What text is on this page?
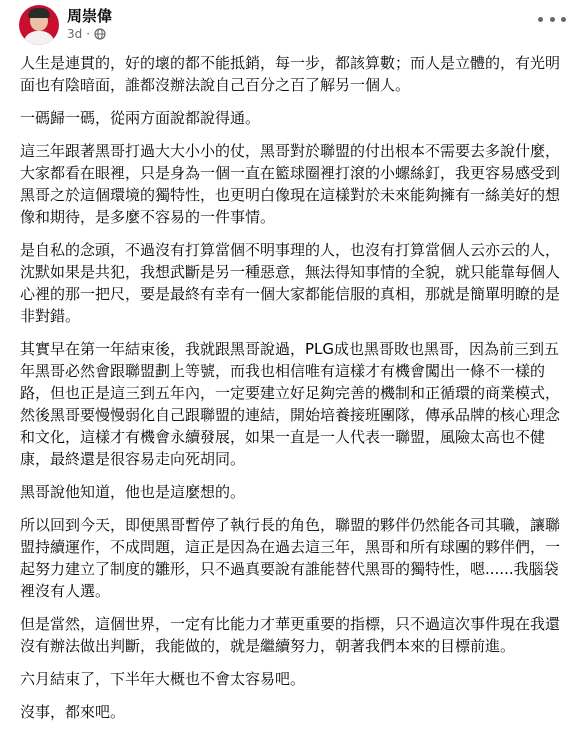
周崇偉
3d ·

人生是連貫的，好的壞的都不能抵銷，每一步，都該算數；而人是立體的，有光明面也有陰暗面，誰都沒辦法說自己百分之百了解另一個人。

一碼歸一碼，從兩方面說都說得通。

這三年跟著黑哥打過大大小小的仗，黑哥對於聯盟的付出根本不需要去多說什麼，大家都看在眼裡，只是身為一個一直在籃球圈裡打滾的小螺絲釘，我更容易感受到黑哥之於這個環境的獨特性，也更明白像現在這樣對於未來能夠擁有一絲美好的想像和期待，是多麼不容易的一件事情。

是自私的念頭，不過沒有打算當個不明事理的人，也沒有打算當個人云亦云的人，沈默如果是共犯，我想武斷是另一種惡意，無法得知事情的全貌，就只能靠每個人心裡的那一把尺，要是最終有幸有一個大家都能信服的真相，那就是簡單明瞭的是非對錯。

其實早在第一年結束後，我就跟黑哥說過，PLG成也黑哥敗也黑哥，因為前三到五年黑哥必然會跟聯盟劃上等號，而我也相信唯有這樣才有機會闖出一條不一樣的路，但也正是這三到五年內，一定要建立好足夠完善的機制和正循環的商業模式，然後黑哥要慢慢弱化自己跟聯盟的連結，開始培養接班團隊，傳承品牌的核心理念和文化，這樣才有機會永續發展，如果一直是一人代表一聯盟，風險太高也不健康，最終還是很容易走向死胡同。

黑哥說他知道，他也是這麼想的。

所以回到今天，即便黑哥暫停了執行長的角色，聯盟的夥伴仍然能各司其職，讓聯盟持續運作，不成問題，這正是因為在過去這三年，黑哥和所有球團的夥伴們，一起努力建立了制度的雛形，只不過真要說有誰能替代黑哥的獨特性，嗯......我腦袋裡沒有人選。

但是當然，這個世界，一定有比能力才華更重要的指標，只不過這次事件現在我還沒有辦法做出判斷，我能做的，就是繼續努力，朝著我們本來的目標前進。

六月結束了，下半年大概也不會太容易吧。

沒事，都來吧。
